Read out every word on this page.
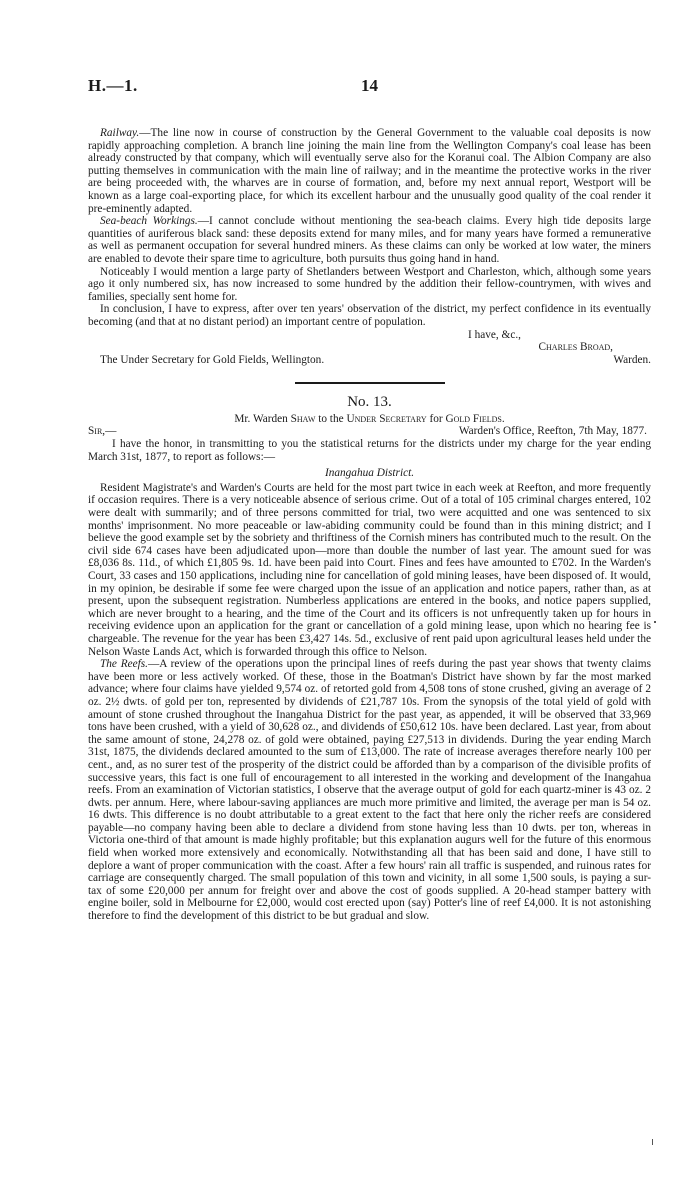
H.—1.	14

Railway.—The line now in course of construction by the General Government to the valuable coal deposits is now rapidly approaching completion. A branch line joining the main line from the Wellington Company's coal lease has been already constructed by that company, which will eventually serve also for the Koranui coal. The Albion Company are also putting themselves in communication with the main line of railway; and in the meantime the protective works in the river are being proceeded with, the wharves are in course of formation, and, before my next annual report, Westport will be known as a large coal-exporting place, for which its excellent harbour and the unusually good quality of the coal render it pre-eminently adapted.

Sea-beach Workings.—I cannot conclude without mentioning the sea-beach claims. Every high tide deposits large quantities of auriferous black sand: these deposits extend for many miles, and for many years have formed a remunerative as well as permanent occupation for several hundred miners. As these claims can only be worked at low water, the miners are enabled to devote their spare time to agriculture, both pursuits thus going hand in hand.

Noticeably I would mention a large party of Shetlanders between Westport and Charleston, which, although some years ago it only numbered six, has now increased to some hundred by the addition their fellow-countrymen, with wives and families, specially sent home for.

In conclusion, I have to express, after over ten years' observation of the district, my perfect confidence in its eventually becoming (and that at no distant period) an important centre of population.

I have, &c.,
Charles Broad,
The Under Secretary for Gold Fields, Wellington.	Warden.
No. 13.
Mr. Warden Shaw to the Under Secretary for Gold Fields.
Sir,—	Warden's Office, Reefton, 7th May, 1877.

I have the honor, in transmitting to you the statistical returns for the districts under my charge for the year ending March 31st, 1877, to report as follows:—

Inangahua District.

Resident Magistrate's and Warden's Courts are held for the most part twice in each week at Reefton, and more frequently if occasion requires. There is a very noticeable absence of serious crime. Out of a total of 105 criminal charges entered, 102 were dealt with summarily; and of three persons committed for trial, two were acquitted and one was sentenced to six months' imprisonment. No more peaceable or law-abiding community could be found than in this mining district; and I believe the good example set by the sobriety and thriftiness of the Cornish miners has contributed much to the result. On the civil side 674 cases have been adjudicated upon—more than double the number of last year. The amount sued for was £8,036 8s. 11d., of which £1,805 9s. 1d. have been paid into Court. Fines and fees have amounted to £702. In the Warden's Court, 33 cases and 150 applications, including nine for cancellation of gold mining leases, have been disposed of. It would, in my opinion, be desirable if some fee were charged upon the issue of an application and notice papers, rather than, as at present, upon the subsequent registration. Numberless applications are entered in the books, and notice papers supplied, which are never brought to a hearing, and the time of the Court and its officers is not unfrequently taken up for hours in receiving evidence upon an application for the grant or cancellation of a gold mining lease, upon which no hearing fee is chargeable. The revenue for the year has been £3,427 14s. 5d., exclusive of rent paid upon agricultural leases held under the Nelson Waste Lands Act, which is forwarded through this office to Nelson.

The Reefs.—A review of the operations upon the principal lines of reefs during the past year shows that twenty claims have been more or less actively worked. Of these, those in the Boatman's District have shown by far the most marked advance; where four claims have yielded 9,574 oz. of retorted gold from 4,508 tons of stone crushed, giving an average of 2 oz. 2½ dwts. of gold per ton, represented by dividends of £21,787 10s. From the synopsis of the total yield of gold with amount of stone crushed throughout the Inangahua District for the past year, as appended, it will be observed that 33,969 tons have been crushed, with a yield of 30,628 oz., and dividends of £50,612 10s. have been declared. Last year, from about the same amount of stone, 24,278 oz. of gold were obtained, paying £27,513 in dividends. During the year ending March 31st, 1875, the dividends declared amounted to the sum of £13,000. The rate of increase averages therefore nearly 100 per cent., and, as no surer test of the prosperity of the district could be afforded than by a comparison of the divisible profits of successive years, this fact is one full of encouragement to all interested in the working and development of the Inangahua reefs. From an examination of Victorian statistics, I observe that the average output of gold for each quartz-miner is 43 oz. 2 dwts. per annum. Here, where labour-saving appliances are much more primitive and limited, the average per man is 54 oz. 16 dwts. This difference is no doubt attributable to a great extent to the fact that here only the richer reefs are considered payable—no company having been able to declare a dividend from stone having less than 10 dwts. per ton, whereas in Victoria one-third of that amount is made highly profitable; but this explanation augurs well for the future of this enormous field when worked more extensively and economically. Notwithstanding all that has been said and done, I have still to deplore a want of proper communication with the coast. After a few hours' rain all traffic is suspended, and ruinous rates for carriage are consequently charged. The small population of this town and vicinity, in all some 1,500 souls, is paying a sur-tax of some £20,000 per annum for freight over and above the cost of goods supplied. A 20-head stamper battery with engine boiler, sold in Melbourne for £2,000, would cost erected upon (say) Potter's line of reef £4,000. It is not astonishing therefore to find the development of this district to be but gradual and slow.
